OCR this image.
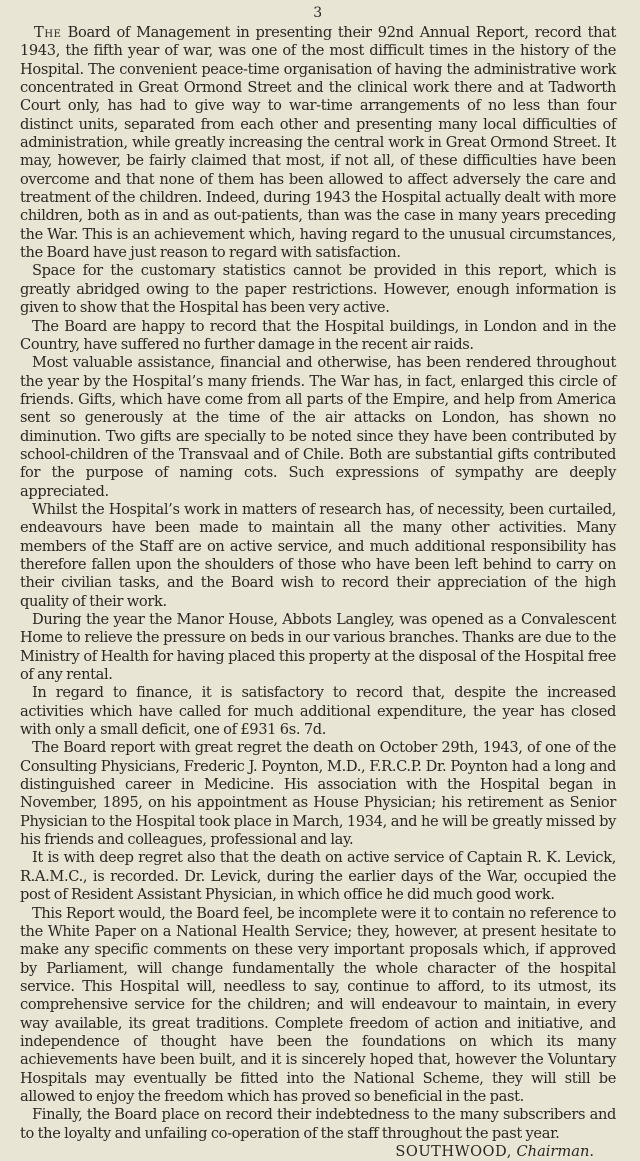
3

The Board of Management in presenting their 92nd Annual Report, record that 1943, the fifth year of war, was one of the most difficult times in the history of the Hospital. The convenient peace-time organisation of having the administrative work concentrated in Great Ormond Street and the clinical work there and at Tadworth Court only, has had to give way to war-time arrangements of no less than four distinct units, separated from each other and presenting many local difficulties of administration, while greatly increasing the central work in Great Ormond Street. It may, however, be fairly claimed that most, if not all, of these difficulties have been overcome and that none of them has been allowed to affect adversely the care and treatment of the children. Indeed, during 1943 the Hospital actually dealt with more children, both as in and as out-patients, than was the case in many years preceding the War. This is an achievement which, having regard to the unusual circumstances, the Board have just reason to regard with satisfaction.

Space for the customary statistics cannot be provided in this report, which is greatly abridged owing to the paper restrictions. However, enough information is given to show that the Hospital has been very active.

The Board are happy to record that the Hospital buildings, in London and in the Country, have suffered no further damage in the recent air raids.

Most valuable assistance, financial and otherwise, has been rendered throughout the year by the Hospital’s many friends. The War has, in fact, enlarged this circle of friends. Gifts, which have come from all parts of the Empire, and help from America sent so generously at the time of the air attacks on London, has shown no diminution. Two gifts are specially to be noted since they have been contributed by school-children of the Transvaal and of Chile. Both are substantial gifts contributed for the purpose of naming cots. Such expressions of sympathy are deeply appreciated.

Whilst the Hospital’s work in matters of research has, of necessity, been curtailed, endeavours have been made to maintain all the many other activities. Many members of the Staff are on active service, and much additional responsibility has therefore fallen upon the shoulders of those who have been left behind to carry on their civilian tasks, and the Board wish to record their appreciation of the high quality of their work.

During the year the Manor House, Abbots Langley, was opened as a Convalescent Home to relieve the pressure on beds in our various branches. Thanks are due to the Ministry of Health for having placed this property at the disposal of the Hospital free of any rental.

In regard to finance, it is satisfactory to record that, despite the increased activities which have called for much additional expenditure, the year has closed with only a small deficit, one of £931 6s. 7d.

The Board report with great regret the death on October 29th, 1943, of one of the Consulting Physicians, Frederic J. Poynton, M.D., F.R.C.P. Dr. Poynton had a long and distinguished career in Medicine. His association with the Hospital began in November, 1895, on his appointment as House Physician; his retirement as Senior Physician to the Hospital took place in March, 1934, and he will be greatly missed by his friends and colleagues, professional and lay.

It is with deep regret also that the death on active service of Captain R. K. Levick, R.A.M.C., is recorded. Dr. Levick, during the earlier days of the War, occupied the post of Resident Assistant Physician, in which office he did much good work.

This Report would, the Board feel, be incomplete were it to contain no reference to the White Paper on a National Health Service; they, however, at present hesitate to make any specific comments on these very important proposals which, if approved by Parliament, will change fundamentally the whole character of the hospital service. This Hospital will, needless to say, continue to afford, to its utmost, its comprehensive service for the children; and will endeavour to maintain, in every way available, its great traditions. Complete freedom of action and initiative, and independence of thought have been the foundations on which its many achievements have been built, and it is sincerely hoped that, however the Voluntary Hospitals may eventually be fitted into the National Scheme, they will still be allowed to enjoy the freedom which has proved so beneficial in the past.

Finally, the Board place on record their indebtedness to the many subscribers and to the loyalty and unfailing co-operation of the staff throughout the past year.

SOUTHWOOD, Chairman.
